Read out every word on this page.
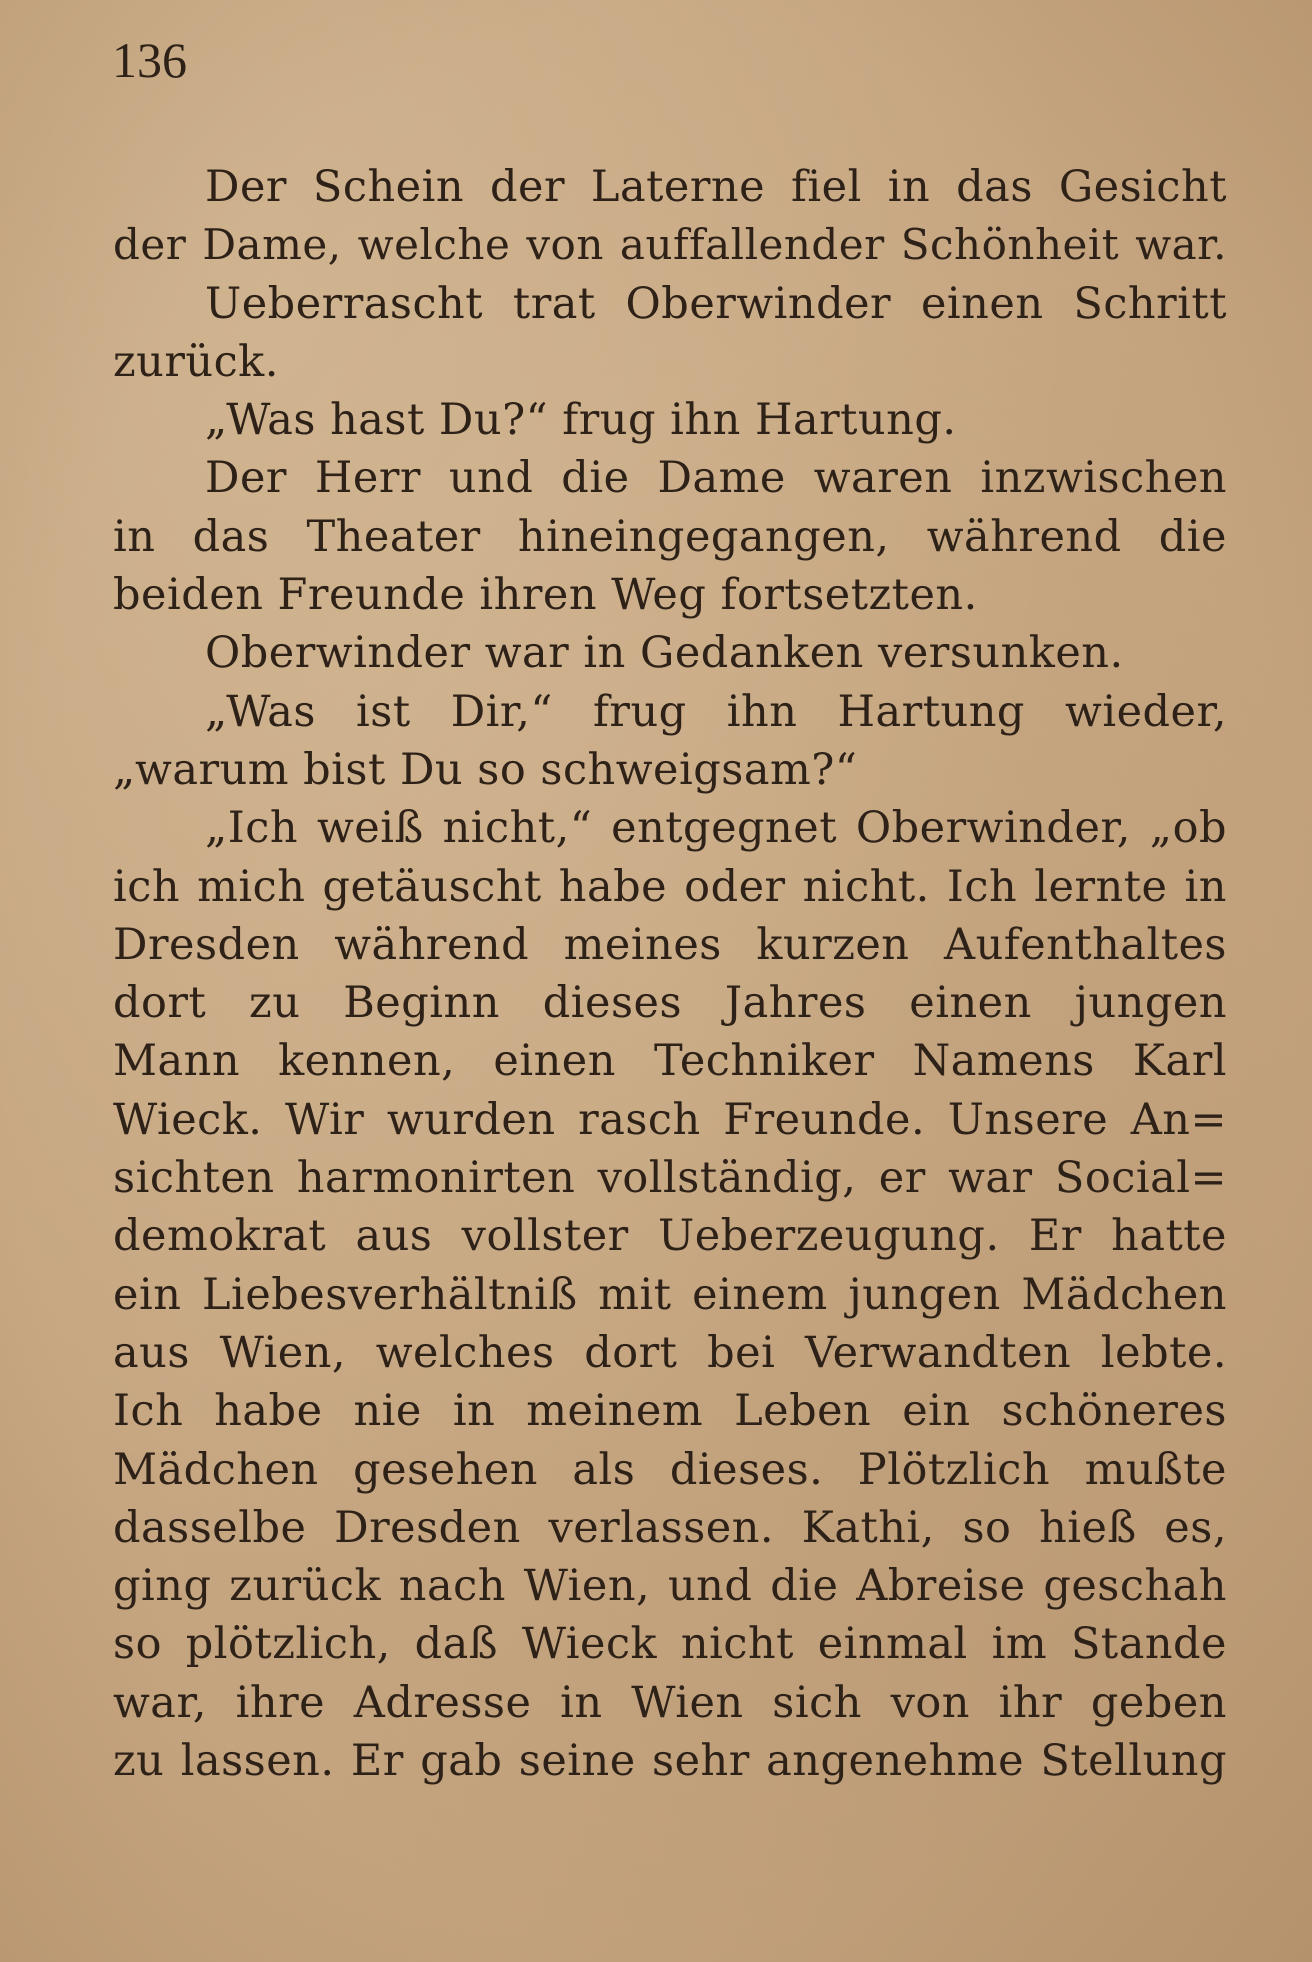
136

Der Schein der Laterne fiel in das Gesicht
der Dame, welche von auffallender Schönheit war.
Ueberrascht trat Oberwinder einen Schritt
zurück.
„Was hast Du?“ frug ihn Hartung.
Der Herr und die Dame waren inzwischen
in das Theater hineingegangen, während die
beiden Freunde ihren Weg fortsetzten.
Oberwinder war in Gedanken versunken.
„Was ist Dir,“ frug ihn Hartung wieder,
„warum bist Du so schweigsam?“
„Ich weiß nicht,“ entgegnet Oberwinder, „ob
ich mich getäuscht habe oder nicht. Ich lernte in
Dresden während meines kurzen Aufenthaltes
dort zu Beginn dieses Jahres einen jungen
Mann kennen, einen Techniker Namens Karl
Wieck. Wir wurden rasch Freunde. Unsere An=
sichten harmonirten vollständig, er war Social=
demokrat aus vollster Ueberzeugung. Er hatte
ein Liebesverhältniß mit einem jungen Mädchen
aus Wien, welches dort bei Verwandten lebte.
Ich habe nie in meinem Leben ein schöneres
Mädchen gesehen als dieses. Plötzlich mußte
dasselbe Dresden verlassen. Kathi, so hieß es,
ging zurück nach Wien, und die Abreise geschah
so plötzlich, daß Wieck nicht einmal im Stande
war, ihre Adresse in Wien sich von ihr geben
zu lassen. Er gab seine sehr angenehme Stellung
